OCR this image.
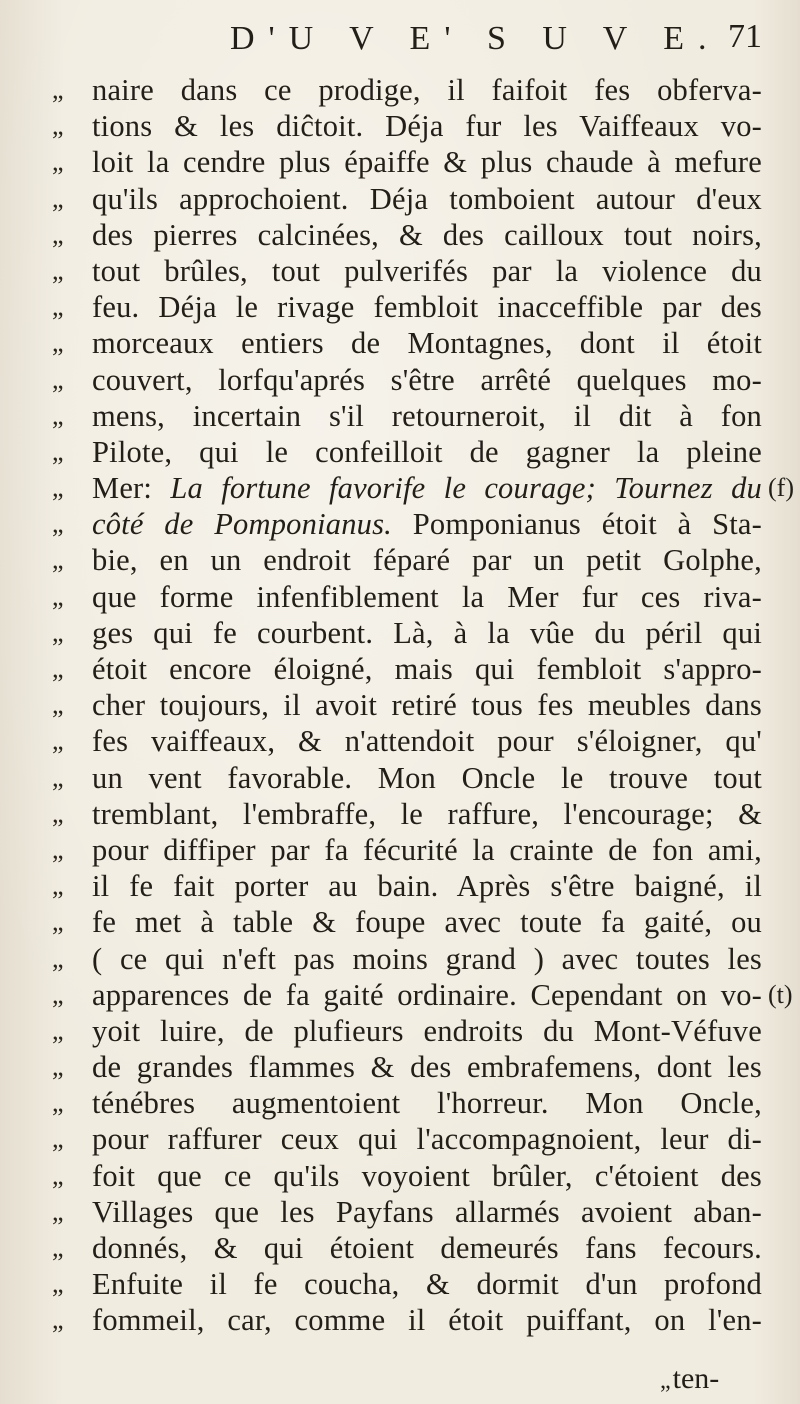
D'U V E' S U V E. 71
„ naire dans ce prodige, il faifoit fes obferva-
„ tions & les diĉtoit. Déja fur les Vaiffeaux vo-
„ loit la cendre plus épaiffe & plus chaude à mefure
„ qu'ils approchoient. Déja tomboient autour d'eux
„ des pierres calcinées, & des cailloux tout noirs,
„ tout brûles, tout pulverifés par la violence du
„ feu. Déja le rivage fembloit inacceffible par des
„ morceaux entiers de Montagnes, dont il étoit
„ couvert, lorfqu'aprés s'être arrêté quelques mo-
„ mens, incertain s'il retourneroit, il dit à fon
„ Pilote, qui le confeilloit de gagner la pleine
„ Mer: La fortune favorife le courage; Tournez du (f)
„ côté de Pomponianus. Pomponianus étoit à Sta-
„ bie, en un endroit féparé par un petit Golphe,
„ que forme infenfiblement la Mer fur ces riva-
„ ges qui fe courbent. Là, à la vûe du péril qui
„ étoit encore éloigné, mais qui fembloit s'appro-
„ cher toujours, il avoit retiré tous fes meubles dans
„ fes vaiffeaux, & n'attendoit pour s'éloigner, qu'
„ un vent favorable. Mon Oncle le trouve tout
„ tremblant, l'embraffe, le raffure, l'encourage; &
„ pour diffiper par fa fécurité la crainte de fon ami,
„ il fe fait porter au bain. Après s'être baigné, il
„ fe met à table & foupe avec toute fa gaité, ou
„ ( ce qui n'eft pas moins grand ) avec toutes les
„ apparences de fa gaité ordinaire. Cependant on vo- (t)
„ yoit luire, de plufieurs endroits du Mont-Véfuve
„ de grandes flammes & des embrafemens, dont les
„ ténébres augmentoient l'horreur. Mon Oncle,
„ pour raffurer ceux qui l'accompagnoient, leur di-
„ foit que ce qu'ils voyoient brûler, c'étoient des
„ Villages que les Payfans allarmés avoient aban-
„ donnés, & qui étoient demeurés fans fecours.
„ Enfuite il fe coucha, & dormit d'un profond
„ fommeil, car, comme il étoit puiffant, on l'en-
„ten-
